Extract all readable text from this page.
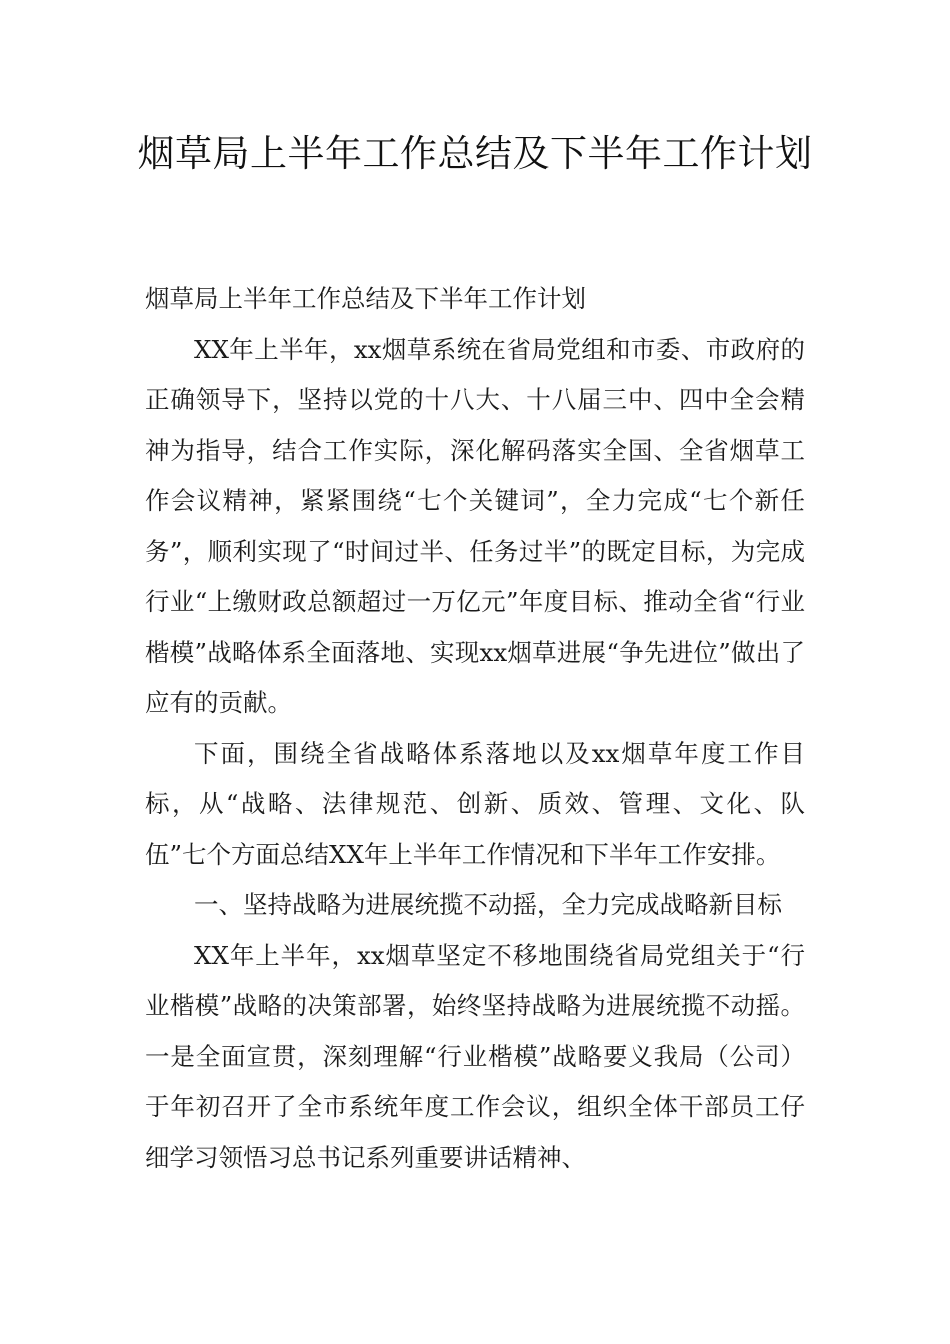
烟草局上半年工作总结及下半年工作计划

烟草局上半年工作总结及下半年工作计划

XX年上半年，xx烟草系统在省局党组和市委、市政府的正确领导下，坚持以党的十八大、十八届三中、四中全会精神为指导，结合工作实际，深化解码落实全国、全省烟草工作会议精神，紧紧围绕“七个关键词”，全力完成“七个新任务”，顺利实现了“时间过半、任务过半”的既定目标，为完成行业“上缴财政总额超过一万亿元”年度目标、推动全省“行业楷模”战略体系全面落地、实现xx烟草进展“争先进位”做出了应有的贡献。

下面，围绕全省战略体系落地以及xx烟草年度工作目标，从“战略、法律规范、创新、质效、管理、文化、队伍”七个方面总结XX年上半年工作情况和下半年工作安排。

一、坚持战略为进展统揽不动摇，全力完成战略新目标

XX年上半年，xx烟草坚定不移地围绕省局党组关于“行业楷模”战略的决策部署，始终坚持战略为进展统揽不动摇。一是全面宣贯，深刻理解“行业楷模”战略要义我局（公司）于年初召开了全市系统年度工作会议，组织全体干部员工仔细学习领悟习总书记系列重要讲话精神、
